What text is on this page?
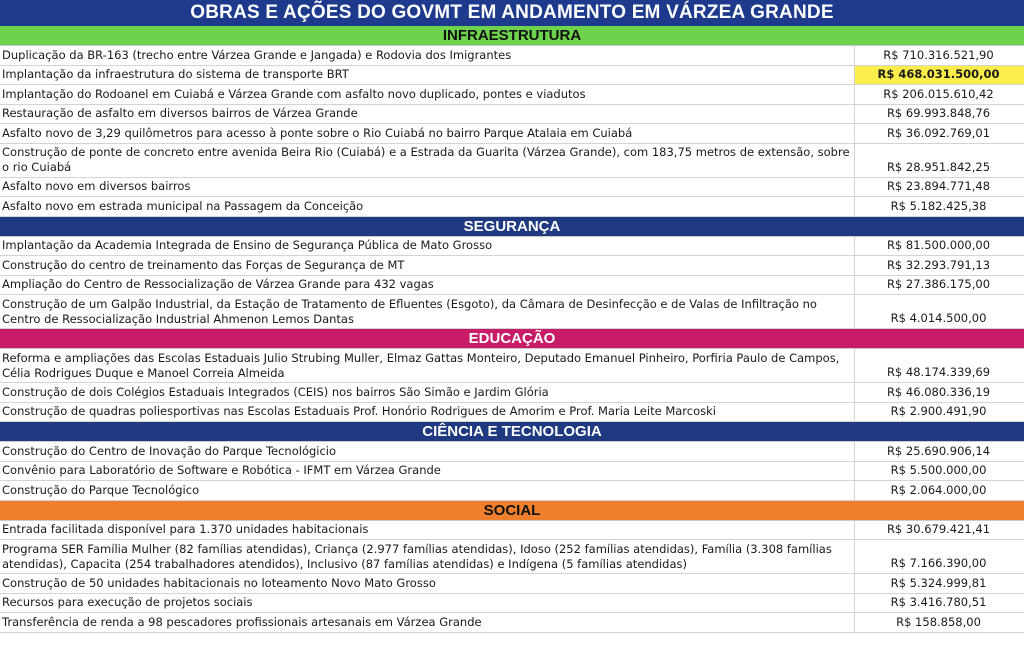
OBRAS E AÇÕES DO GOVMT EM ANDAMENTO EM VÁRZEA GRANDE
INFRAESTRUTURA
Duplicação da BR-163 (trecho entre Várzea Grande e Jangada) e Rodovia dos Imigrantes	R$ 710.316.521,90
Implantação da infraestrutura do sistema de transporte BRT	R$ 468.031.500,00
Implantação do Rodoanel em Cuiabá e Várzea Grande com asfalto novo duplicado, pontes e viadutos	R$ 206.015.610,42
Restauração de asfalto em diversos bairros de Várzea Grande	R$ 69.993.848,76
Asfalto novo de 3,29 quilômetros para acesso à ponte sobre o Rio Cuiabá no bairro Parque Atalaia em Cuiabá	R$ 36.092.769,01
Construção de ponte de concreto entre avenida Beira Rio (Cuiabá) e a Estrada da Guarita (Várzea Grande), com 183,75 metros de extensão, sobre o rio Cuiabá	R$ 28.951.842,25
Asfalto novo em diversos bairros	R$ 23.894.771,48
Asfalto novo em estrada municipal na Passagem da Conceição	R$ 5.182.425,38
SEGURANÇA
Implantação da Academia Integrada de Ensino de Segurança Pública de Mato Grosso	R$ 81.500.000,00
Construção do centro de treinamento das Forças de Segurança de MT	R$ 32.293.791,13
Ampliação do Centro de Ressocialização de Várzea Grande para 432 vagas	R$ 27.386.175,00
Construção de um Galpão Industrial, da Estação de Tratamento de Efluentes (Esgoto), da Câmara de Desinfecção e de Valas de Infiltração no Centro de Ressocialização Industrial Ahmenon Lemos Dantas	R$ 4.014.500,00
EDUCAÇÃO
Reforma e ampliações das Escolas Estaduais Julio Strubing Muller, Elmaz Gattas Monteiro, Deputado Emanuel Pinheiro, Porfiria Paulo de Campos, Célia Rodrigues Duque e Manoel Correia Almeida	R$ 48.174.339,69
Construção de dois Colégios Estaduais Integrados (CEIS) nos bairros São Simão e Jardim Glória	R$ 46.080.336,19
Construção de quadras poliesportivas nas Escolas Estaduais Prof. Honório Rodrigues de Amorim e Prof. Maria Leite Marcoski	R$ 2.900.491,90
CIÊNCIA E TECNOLOGIA
Construção do Centro de Inovação do Parque Tecnológicio	R$ 25.690.906,14
Convênio para Laboratório de Software e Robótica - IFMT em Várzea Grande	R$ 5.500.000,00
Construção do Parque Tecnológico	R$ 2.064.000,00
SOCIAL
Entrada facilitada disponível para 1.370 unidades habitacionais	R$ 30.679.421,41
Programa SER Família Mulher (82 famílias atendidas), Criança (2.977 famílias atendidas), Idoso (252 famílias atendidas), Família (3.308 famílias atendidas), Capacita (254 trabalhadores atendidos), Inclusivo (87 famílias atendidas) e Indígena (5 famílias atendidas)	R$ 7.166.390,00
Construção de 50 unidades habitacionais no loteamento Novo Mato Grosso	R$ 5.324.999,81
Recursos para execução de projetos sociais	R$ 3.416.780,51
Transferência de renda a 98 pescadores profissionais artesanais em Várzea Grande	R$ 158.858,00
